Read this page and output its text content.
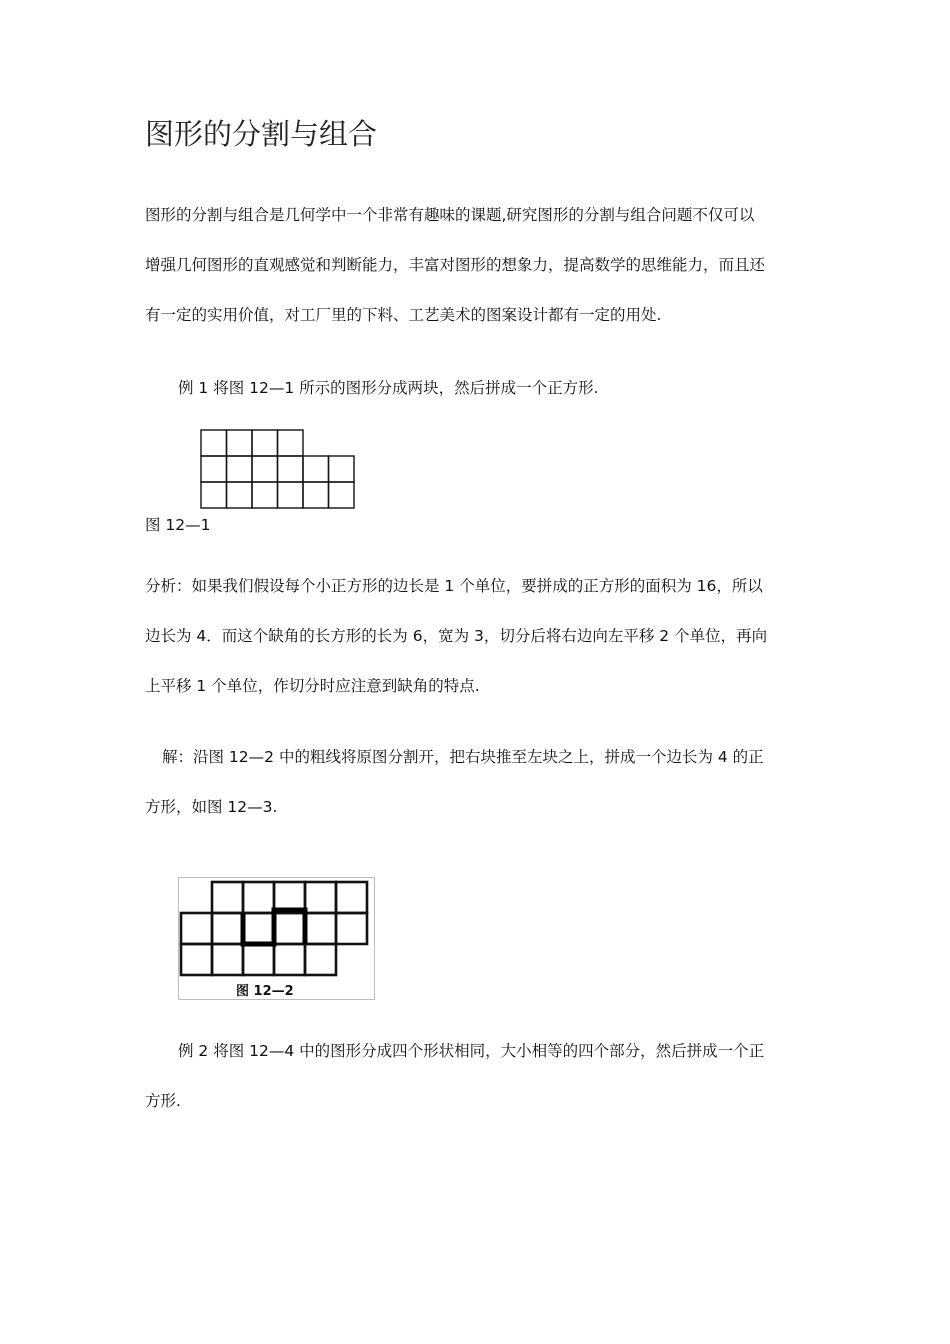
图形的分割与组合
图形的分割与组合是几何学中一个非常有趣味的课题,研究图形的分割与组合问题不仅可以
增强几何图形的直观感觉和判断能力，丰富对图形的想象力，提高数学的思维能力，而且还
有一定的实用价值，对工厂里的下料、工艺美术的图案设计都有一定的用处.
例 1 将图 12—1 所示的图形分成两块，然后拼成一个正方形.
图 12—1
分析：如果我们假设每个小正方形的边长是 1 个单位，要拼成的正方形的面积为 16，所以
边长为 4．而这个缺角的长方形的长为 6，宽为 3，切分后将右边向左平移 2 个单位，再向
上平移 1 个单位，作切分时应注意到缺角的特点.
解：沿图 12—2 中的粗线将原图分割开，把右块推至左块之上，拼成一个边长为 4 的正
方形，如图 12—3.
图 12—2
例 2 将图 12—4 中的图形分成四个形状相同，大小相等的四个部分，然后拼成一个正
方形.
